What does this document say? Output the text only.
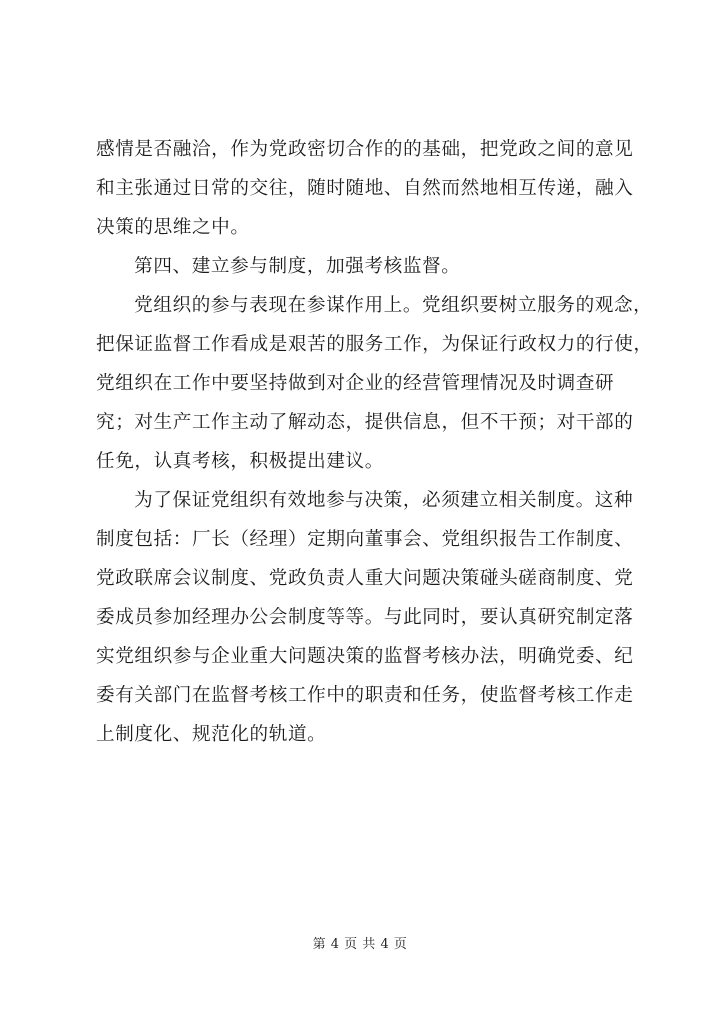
感情是否融洽，作为党政密切合作的的基础，把党政之间的意见
和主张通过日常的交往，随时随地、自然而然地相互传递，融入
决策的思维之中。

第四、建立参与制度，加强考核监督。

党组织的参与表现在参谋作用上。党组织要树立服务的观念，
把保证监督工作看成是艰苦的服务工作，为保证行政权力的行使，
党组织在工作中要坚持做到对企业的经营管理情况及时调查研
究；对生产工作主动了解动态，提供信息，但不干预；对干部的
任免，认真考核，积极提出建议。

为了保证党组织有效地参与决策，必须建立相关制度。这种
制度包括：厂长（经理）定期向董事会、党组织报告工作制度、
党政联席会议制度、党政负责人重大问题决策碰头磋商制度、党
委成员参加经理办公会制度等等。与此同时，要认真研究制定落
实党组织参与企业重大问题决策的监督考核办法，明确党委、纪
委有关部门在监督考核工作中的职责和任务，使监督考核工作走
上制度化、规范化的轨道。

第 4 页 共 4 页
